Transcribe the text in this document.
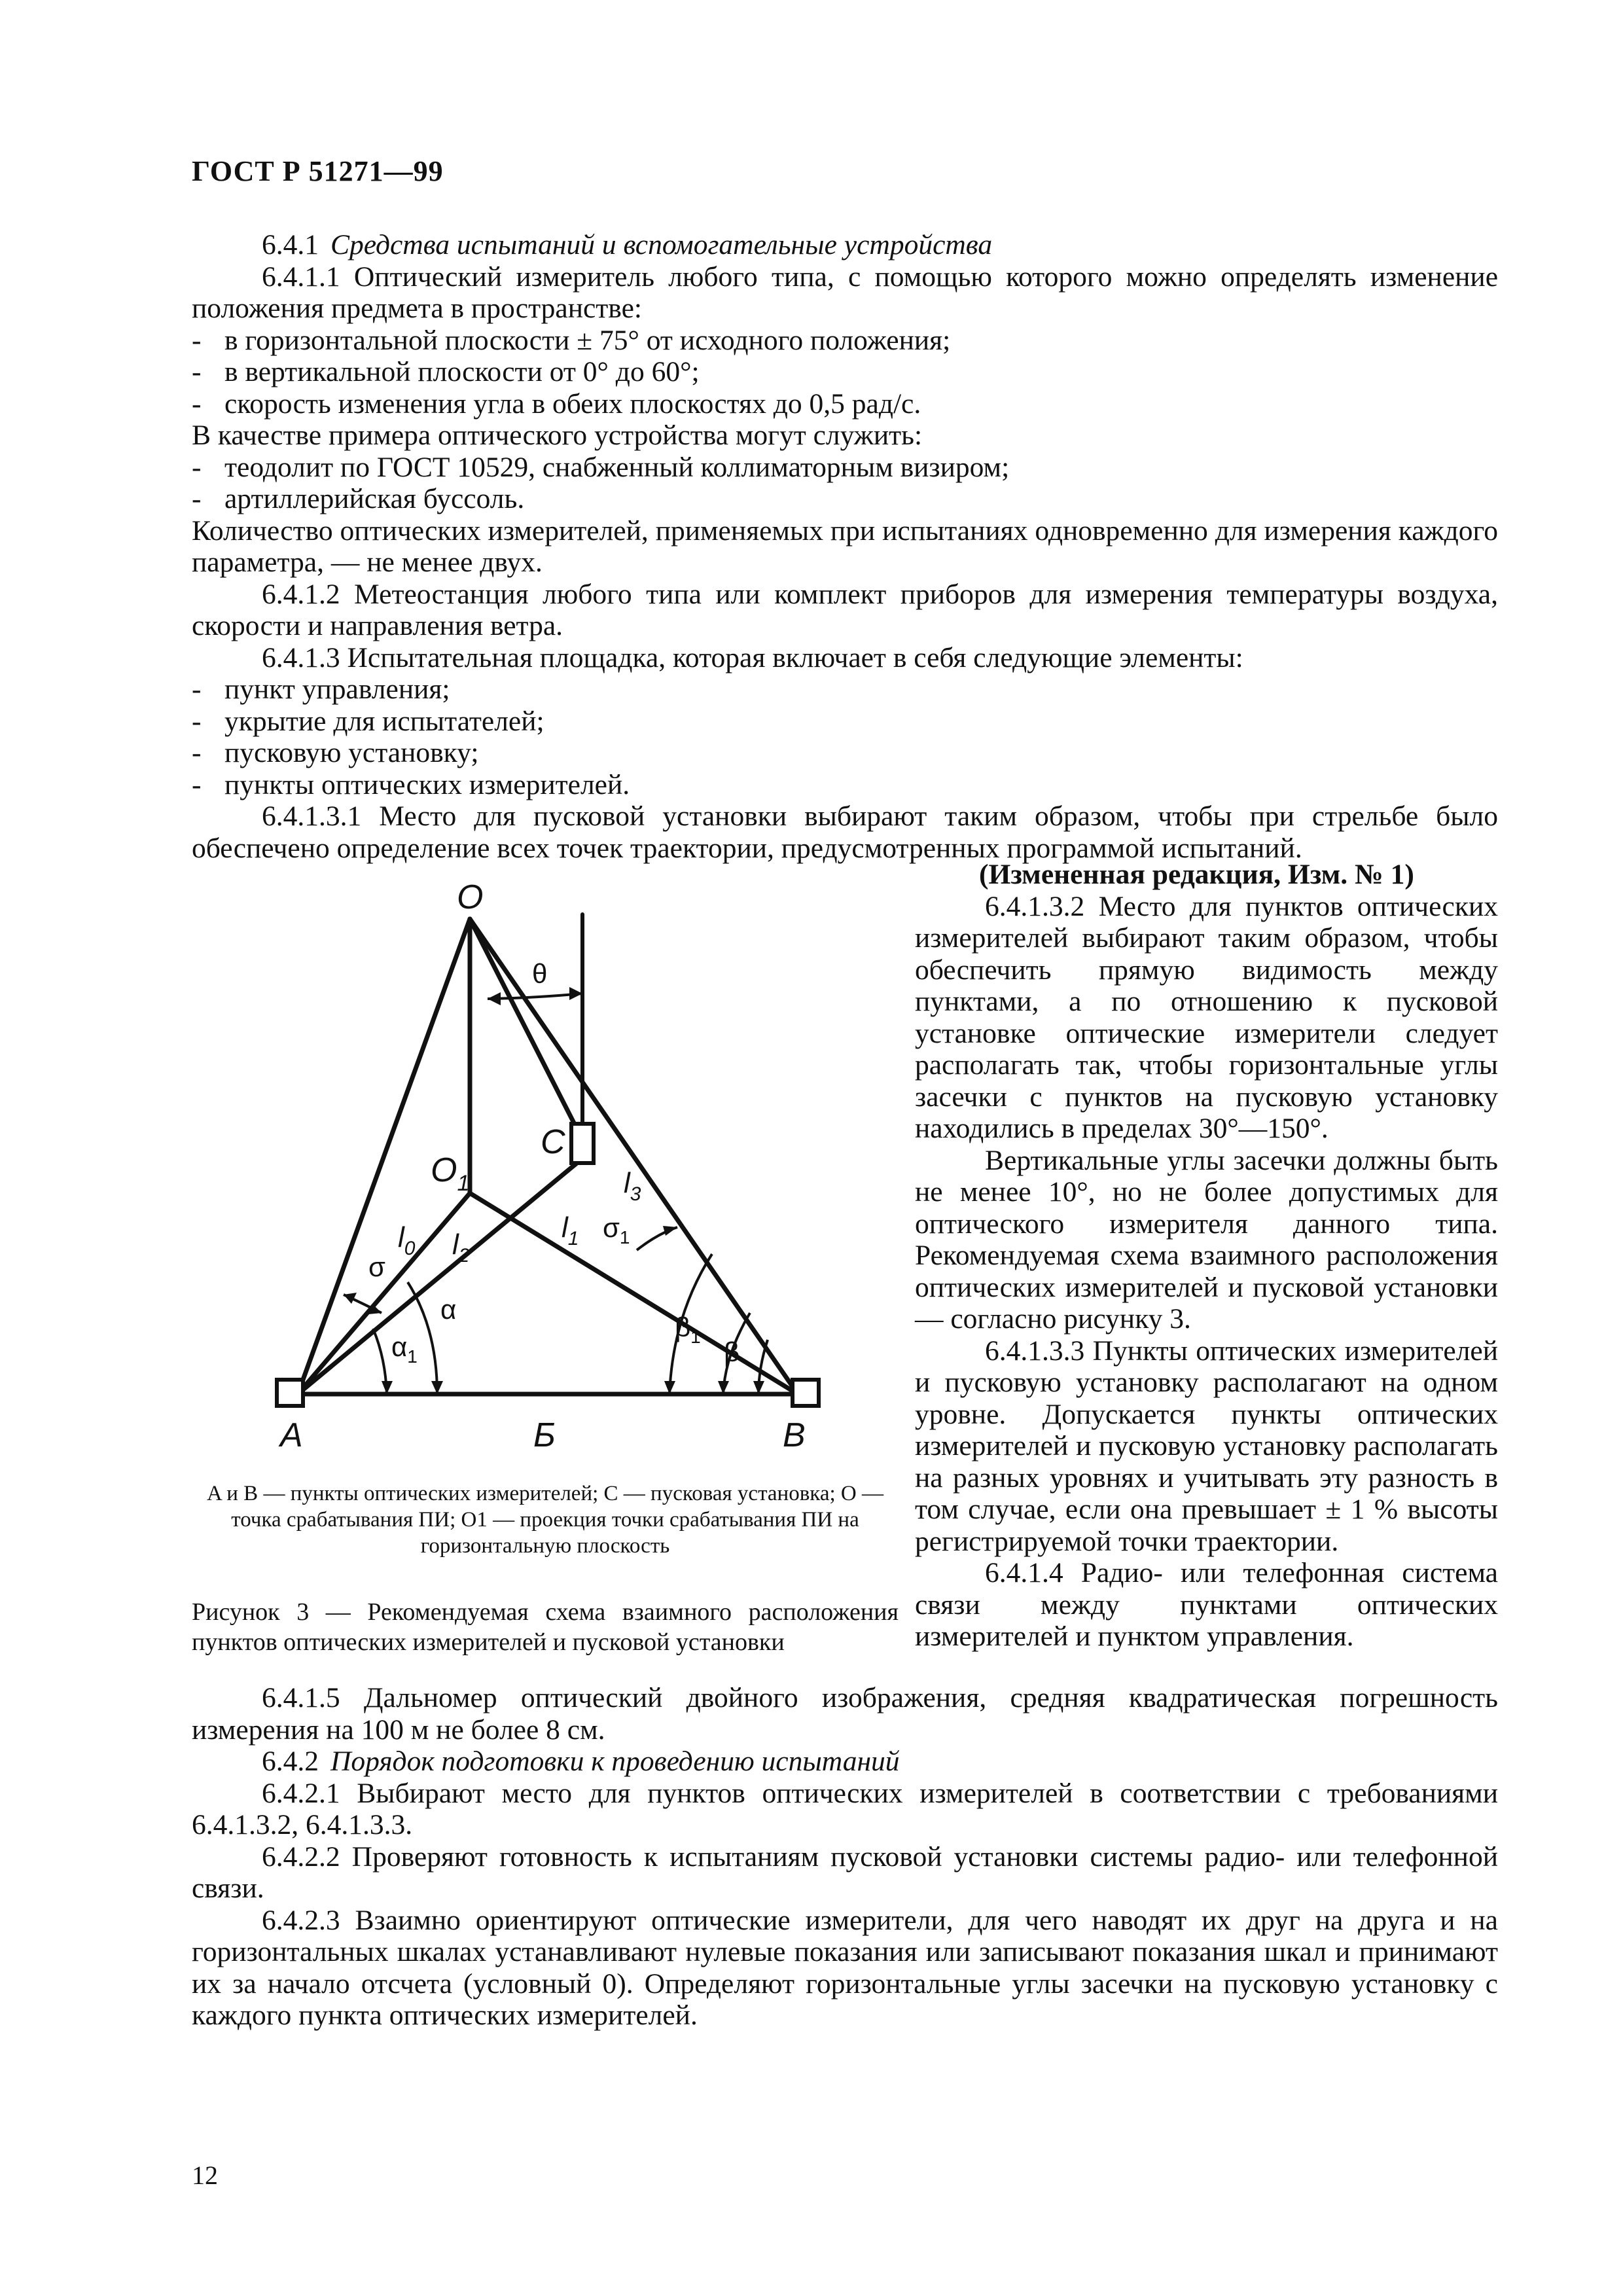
ГОСТ Р 51271—99

6.4.1 Средства испытаний и вспомогательные устройства

6.4.1.1 Оптический измеритель любого типа, с помощью которого можно определять изменение положения предмета в пространстве:

- в горизонтальной плоскости ± 75° от исходного положения;

- в вертикальной плоскости от 0° до 60°;

- скорость изменения угла в обеих плоскостях до 0,5 рад/с.

В качестве примера оптического устройства могут служить:

- теодолит по ГОСТ 10529, снабженный коллиматорным визиром;

- артиллерийская буссоль.

Количество оптических измерителей, применяемых при испытаниях одновременно для измерения каждого параметра, — не менее двух.

6.4.1.2 Метеостанция любого типа или комплект приборов для измерения температуры воздуха, скорости и направления ветра.

6.4.1.3 Испытательная площадка, которая включает в себя следующие элементы:

- пункт управления;

- укрытие для испытателей;

- пусковую установку;

- пункты оптических измерителей.

6.4.1.3.1 Место для пусковой установки выбирают таким образом, чтобы при стрельбе было обеспечено определение всех точек траектории, предусмотренных программой испытаний.

O
$O_1$
C
A	B
Б
θ
$l_0$ $l_2$
$l_1$
$l_3$
σ
$\sigma_1$
α
$\alpha_1$
$\beta_1$ β
A и B — пункты оптических измерителей; C — пусковая установка; O — точка срабатывания ПИ; O1 — проекция точки срабатывания ПИ на горизонтальную плоскость
Рисунок 3 — Рекомендуемая схема взаимного расположения пунктов оптических измерителей и пусковой установки

(Измененная редакция, Изм. № 1)

6.4.1.3.2 Место для пунктов оптических измерителей выбирают таким образом, чтобы обеспечить прямую видимость между пунктами, а по отношению к пусковой установке оптические измерители следует располагать так, чтобы горизонтальные углы засечки с пунктов на пусковую установку находились в пределах 30°—150°.

Вертикальные углы засечки должны быть не менее 10°, но не более допустимых для оптического измерителя данного типа. Рекомендуемая схема взаимного расположения оптических измерителей и пусковой установки — согласно рисунку 3.

6.4.1.3.3 Пункты оптических измерителей и пусковую установку располагают на одном уровне. Допускается пункты оптических измерителей и пусковую установку располагать на разных уровнях и учитывать эту разность в том случае, если она превышает ± 1 % высоты регистрируемой точки траектории.

6.4.1.4 Радио- или телефонная система связи между пунктами оптических измерителей и пунктом управления.

6.4.1.5 Дальномер оптический двойного изображения, средняя квадратическая погрешность измерения на 100 м не более 8 см.

6.4.2 Порядок подготовки к проведению испытаний

6.4.2.1 Выбирают место для пунктов оптических измерителей в соответствии с требованиями 6.4.1.3.2, 6.4.1.3.3.

6.4.2.2 Проверяют готовность к испытаниям пусковой установки системы радио- или телефонной связи.

6.4.2.3 Взаимно ориентируют оптические измерители, для чего наводят их друг на друга и на горизонтальных шкалах устанавливают нулевые показания или записывают показания шкал и принимают их за начало отсчета (условный 0). Определяют горизонтальные углы засечки на пусковую установку с каждого пункта оптических измерителей.

12
